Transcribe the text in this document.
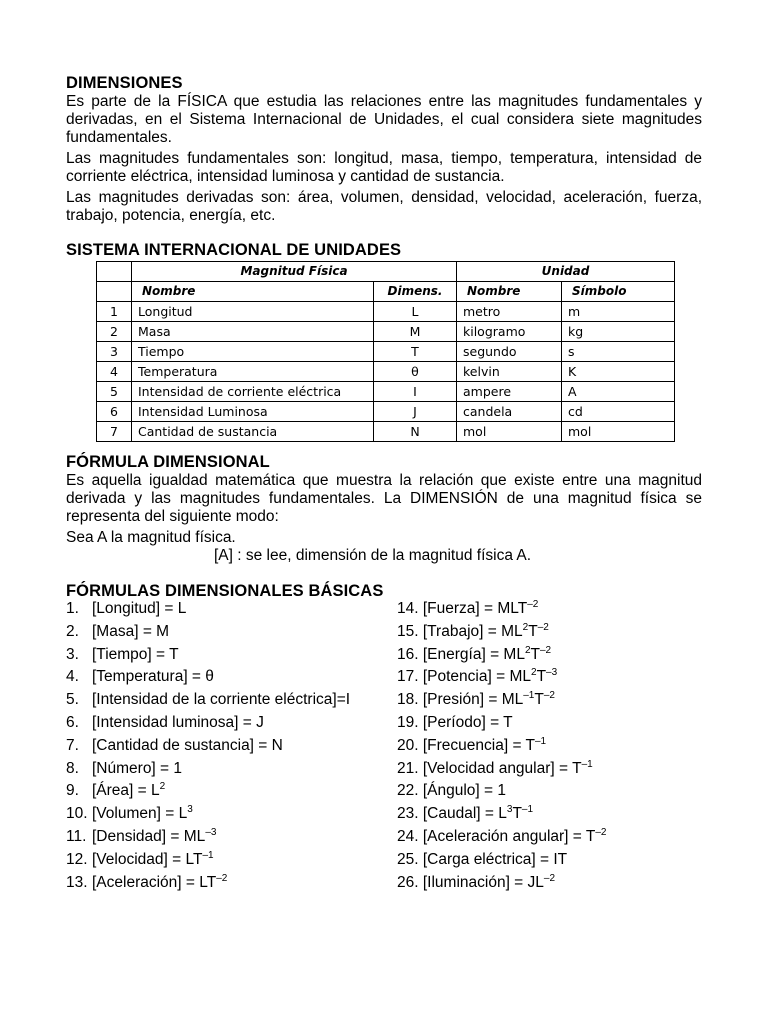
DIMENSIONES
Es parte de la FÍSICA que estudia las relaciones entre las magnitudes fundamentales y derivadas, en el Sistema Internacional de Unidades, el cual considera siete magnitudes fundamentales.
Las magnitudes fundamentales son: longitud, masa, tiempo, temperatura, intensidad de corriente eléctrica, intensidad luminosa y cantidad de sustancia.
Las magnitudes derivadas son: área, volumen, densidad, velocidad, aceleración, fuerza, trabajo, potencia, energía, etc.
SISTEMA INTERNACIONAL DE UNIDADES
	Magnitud Física		Unidad	
	Nombre	Dimens.	Nombre	Símbolo
1	Longitud	L	metro	m
2	Masa	M	kilogramo	kg
3	Tiempo	T	segundo	s
4	Temperatura	θ	kelvin	K
5	Intensidad de corriente eléctrica	I	ampere	A
6	Intensidad Luminosa	J	candela	cd
7	Cantidad de sustancia	N	mol	mol
FÓRMULA DIMENSIONAL
Es aquella igualdad matemática que muestra la relación que existe entre una magnitud derivada y las magnitudes fundamentales. La DIMENSIÓN de una magnitud física se representa del siguiente modo:
Sea A la magnitud física.
[A] : se lee, dimensión de la magnitud física A.
FÓRMULAS DIMENSIONALES BÁSICAS
1. [Longitud] = L
2. [Masa] = M
3. [Tiempo] = T
4. [Temperatura] = θ
5. [Intensidad de la corriente eléctrica]=I
6. [Intensidad luminosa] = J
7. [Cantidad de sustancia] = N
8. [Número] = 1
9. [Área] = $L^2$
10. [Volumen] = $L^3$
11. [Densidad] = $ML^{-3}$
12. [Velocidad] = $LT^{-1}$
13. [Aceleración] = $LT^{-2}$
14. [Fuerza] = $MLT^{-2}$
15. [Trabajo] = $ML^2T^{-2}$
16. [Energía] = $ML^2T^{-2}$
17. [Potencia] = $ML^2T^{-3}$
18. [Presión] = $ML^{-1}T^{-2}$
19. [Período] = T
20. [Frecuencia] = $T^{-1}$
21. [Velocidad angular] = $T^{-1}$
22. [Ángulo] = 1
23. [Caudal] = $L^3T^{-1}$
24. [Aceleración angular] = $T^{-2}$
25. [Carga eléctrica] = IT
26. [Iluminación] = $JL^{-2}$
